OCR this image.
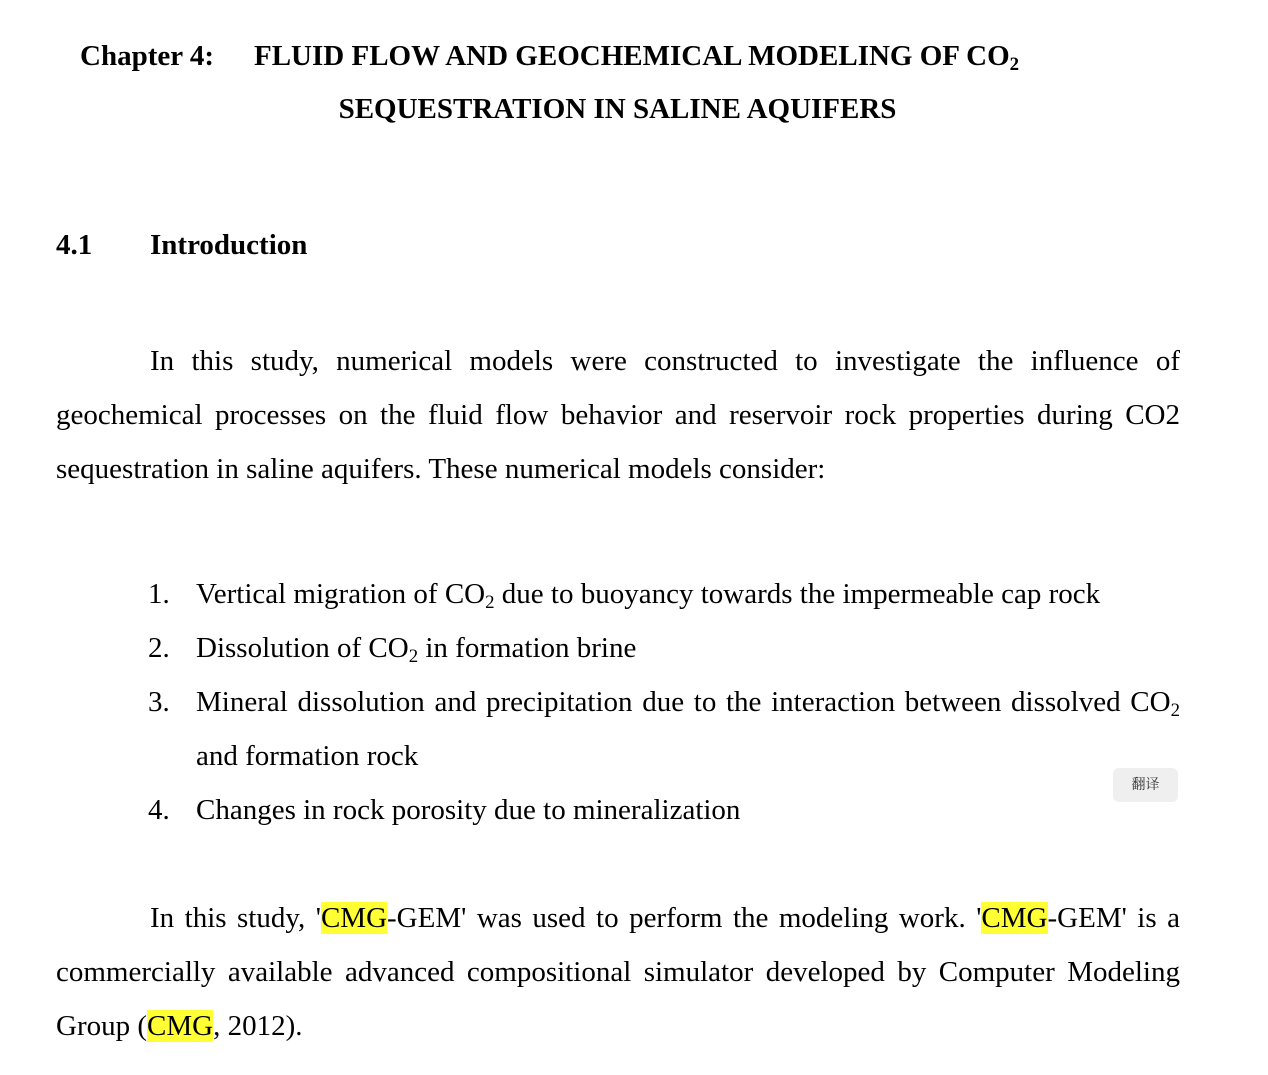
Chapter 4: FLUID FLOW AND GEOCHEMICAL MODELING OF $CO_2$
SEQUESTRATION IN SALINE AQUIFERS
4.1 Introduction

In this study, numerical models were constructed to investigate the influence of geochemical processes on the fluid flow behavior and reservoir rock properties during CO2 sequestration in saline aquifers. These numerical models consider:

1. Vertical migration of $CO_2$ due to buoyancy towards the impermeable cap rock
2. Dissolution of $CO_2$ in formation brine
3. Mineral dissolution and precipitation due to the interaction between dissolved $CO_2$ and formation rock
4. Changes in rock porosity due to mineralization

In this study, 'CMG-GEM' was used to perform the modeling work. 'CMG-GEM' is a commercially available advanced compositional simulator developed by Computer Modeling Group (CMG, 2012).

翻译
